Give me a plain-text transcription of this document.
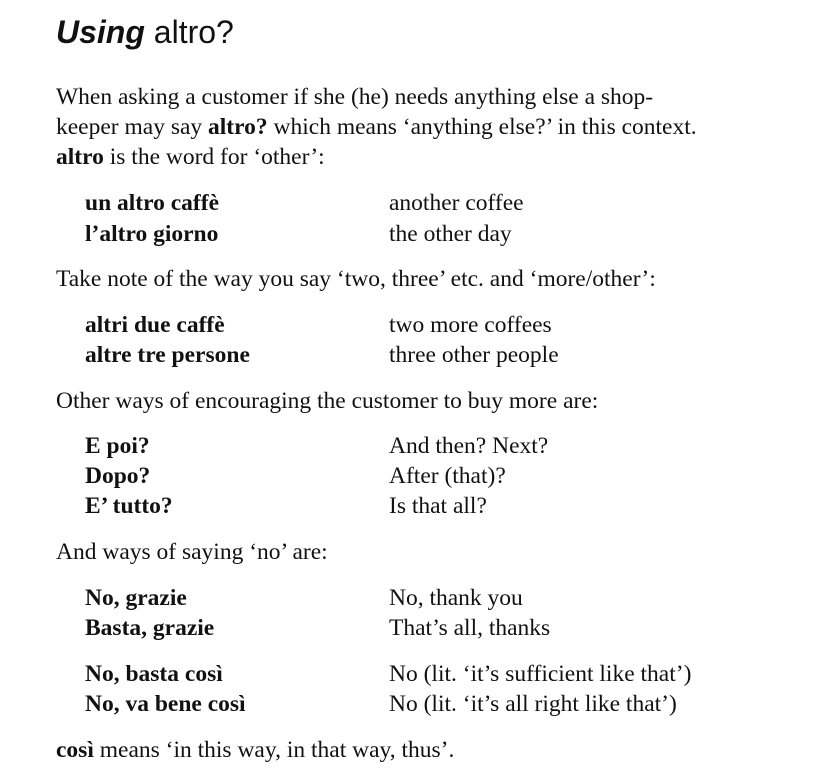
Using altro?
When asking a customer if she (he) needs anything else a shop-
keeper may say altro? which means ‘anything else?’ in this context.
altro is the word for ‘other’:
un altro caffè	another coffee
l’altro giorno	the other day
Take note of the way you say ‘two, three’ etc. and ‘more/other’:
altri due caffè	two more coffees
altre tre persone	three other people
Other ways of encouraging the customer to buy more are:
E poi?	And then? Next?
Dopo?	After (that)?
E’ tutto?	Is that all?
And ways of saying ‘no’ are:
No, grazie	No, thank you
Basta, grazie	That’s all, thanks
No, basta così	No (lit. ‘it’s sufficient like that’)
No, va bene così	No (lit. ‘it’s all right like that’)
così means ‘in this way, in that way, thus’.
